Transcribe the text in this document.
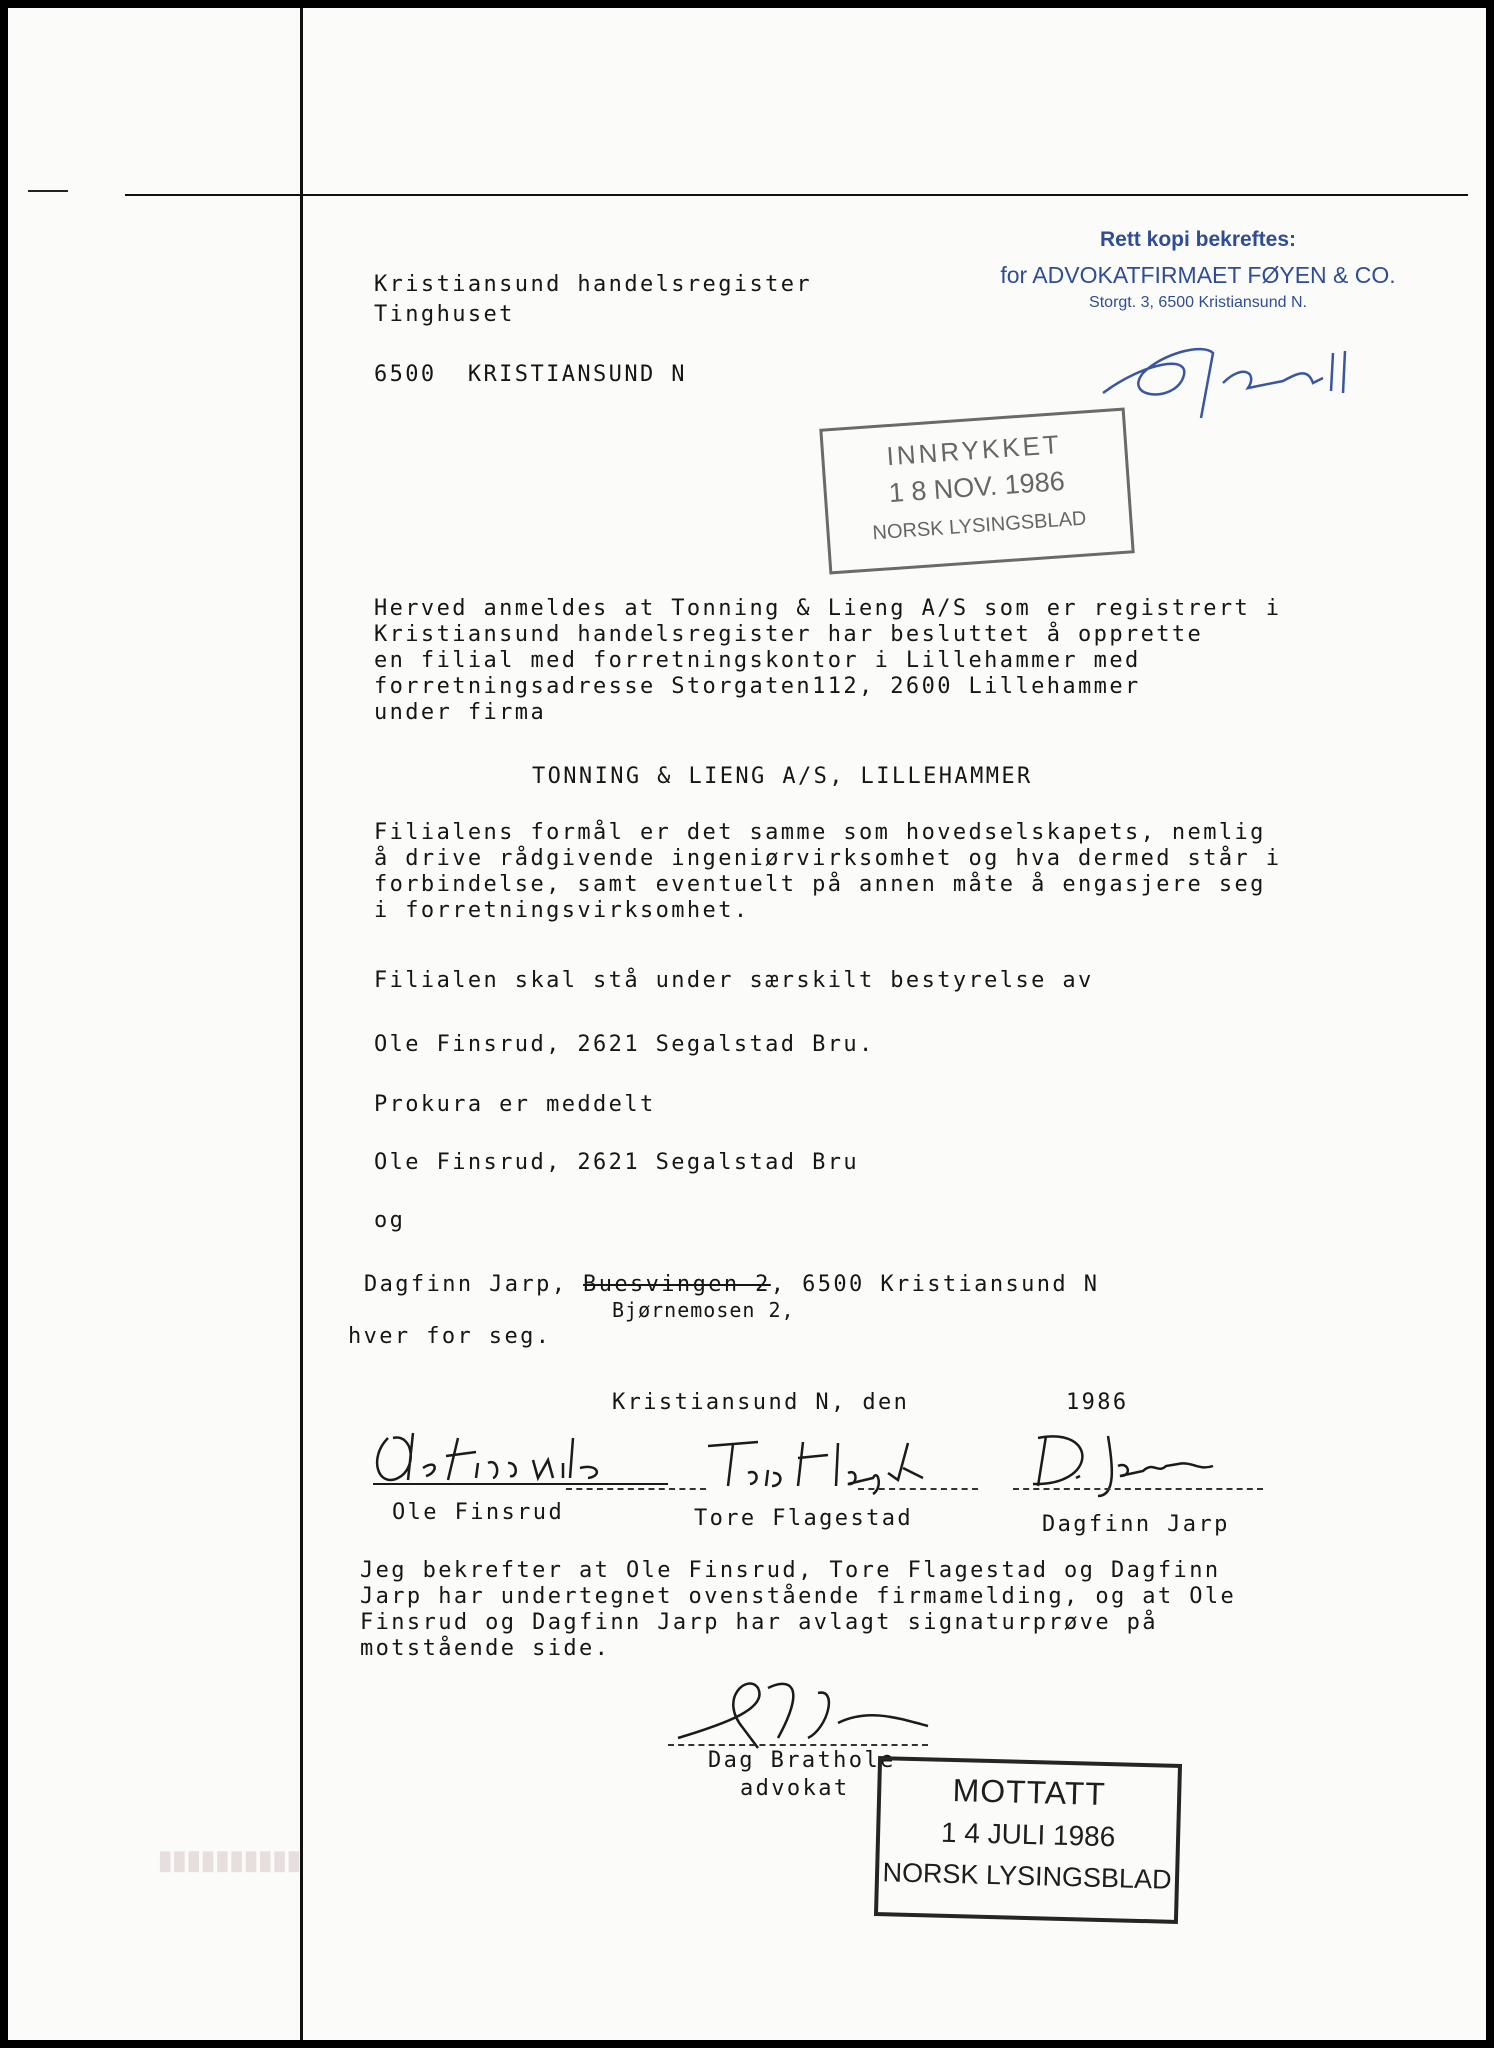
▮▮▮▮▮▮▮▮▮▮
Kristiansund handelsregister
Tinghuset
6500  KRISTIANSUND N
Rett kopi bekreftes:
for ADVOKATFIRMAET FØYEN & CO.
Storgt. 3, 6500 Kristiansund N.
INNRYKKET
1 8 NOV. 1986
NORSK LYSINGSBLAD
Herved anmeldes at Tonning & Lieng A/S som er registrert i
Kristiansund handelsregister har besluttet å opprette
en filial med forretningskontor i Lillehammer med
forretningsadresse Storgaten112, 2600 Lillehammer
under firma
TONNING & LIENG A/S, LILLEHAMMER
Filialens formål er det samme som hovedselskapets, nemlig
å drive rådgivende ingeniørvirksomhet og hva dermed står i
forbindelse, samt eventuelt på annen måte å engasjere seg
i forretningsvirksomhet.
Filialen skal stå under særskilt bestyrelse av
Ole Finsrud, 2621 Segalstad Bru.
Prokura er meddelt
Ole Finsrud, 2621 Segalstad Bru
og
Dagfinn Jarp, Buesvingen 2, 6500 Kristiansund N
Bjørnemosen 2,
hver for seg.
Kristiansund N, den	1986
Ole Finsrud	Tore Flagestad	Dagfinn Jarp
Jeg bekrefter at Ole Finsrud, Tore Flagestad og Dagfinn
Jarp har undertegnet ovenstående firmamelding, og at Ole
Finsrud og Dagfinn Jarp har avlagt signaturprøve på
motstående side.
Dag Brathole
advokat	MOTTATT
1 4 JULI 1986
NORSK LYSINGSBLAD
